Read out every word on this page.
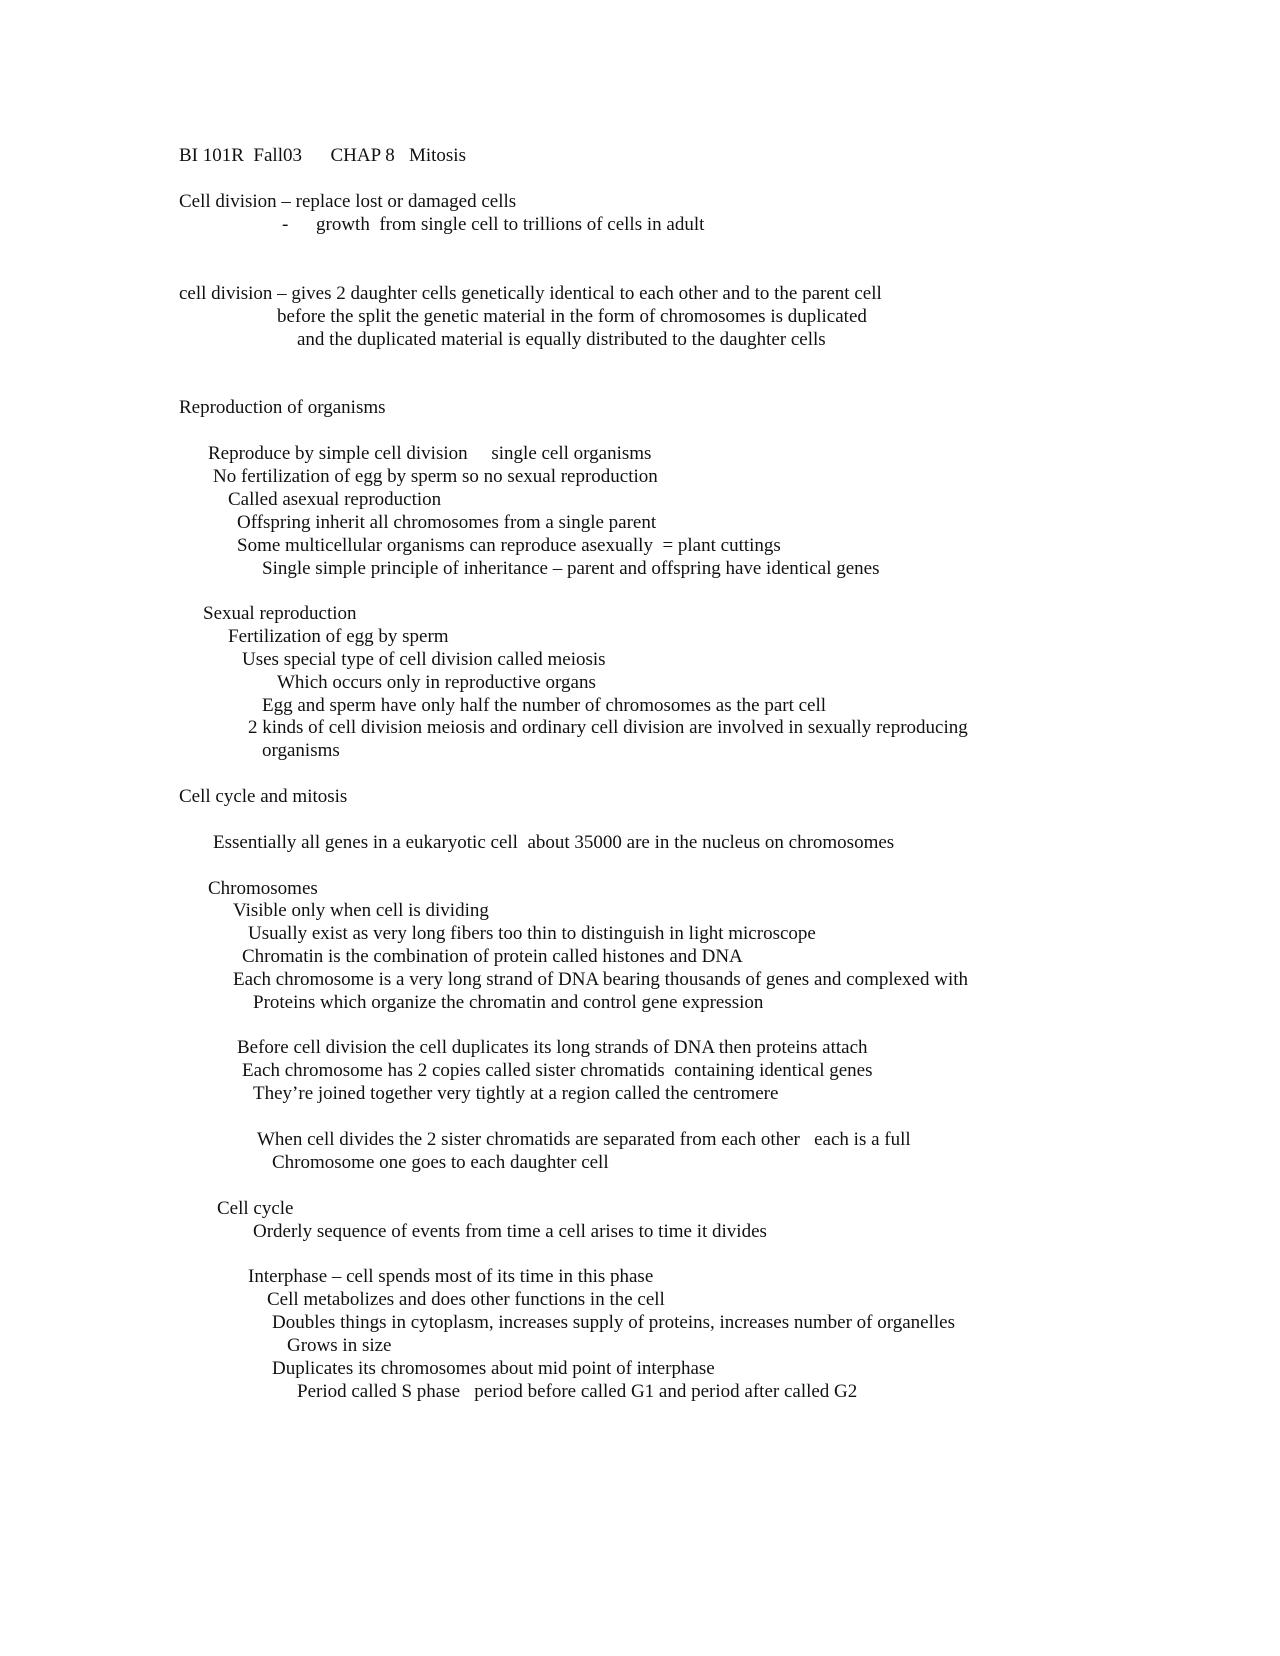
BI 101R  Fall03      CHAP 8   Mitosis
Cell division – replace lost or damaged cells
- growth  from single cell to trillions of cells in adult
cell division – gives 2 daughter cells genetically identical to each other and to the parent cell
before the split the genetic material in the form of chromosomes is duplicated
and the duplicated material is equally distributed to the daughter cells
Reproduction of organisms
Reproduce by simple cell division     single cell organisms
No fertilization of egg by sperm so no sexual reproduction
Called asexual reproduction
Offspring inherit all chromosomes from a single parent
Some multicellular organisms can reproduce asexually  = plant cuttings
Single simple principle of inheritance – parent and offspring have identical genes
Sexual reproduction
Fertilization of egg by sperm
Uses special type of cell division called meiosis
Which occurs only in reproductive organs
Egg and sperm have only half the number of chromosomes as the part cell
2 kinds of cell division meiosis and ordinary cell division are involved in sexually reproducing
organisms
Cell cycle and mitosis
Essentially all genes in a eukaryotic cell  about 35000 are in the nucleus on chromosomes
Chromosomes
Visible only when cell is dividing
Usually exist as very long fibers too thin to distinguish in light microscope
Chromatin is the combination of protein called histones and DNA
Each chromosome is a very long strand of DNA bearing thousands of genes and complexed with
Proteins which organize the chromatin and control gene expression
Before cell division the cell duplicates its long strands of DNA then proteins attach
Each chromosome has 2 copies called sister chromatids  containing identical genes
They’re joined together very tightly at a region called the centromere
When cell divides the 2 sister chromatids are separated from each other   each is a full
Chromosome one goes to each daughter cell
Cell cycle
Orderly sequence of events from time a cell arises to time it divides
Interphase – cell spends most of its time in this phase
Cell metabolizes and does other functions in the cell
Doubles things in cytoplasm, increases supply of proteins, increases number of organelles
Grows in size
Duplicates its chromosomes about mid point of interphase
Period called S phase   period before called G1 and period after called G2
